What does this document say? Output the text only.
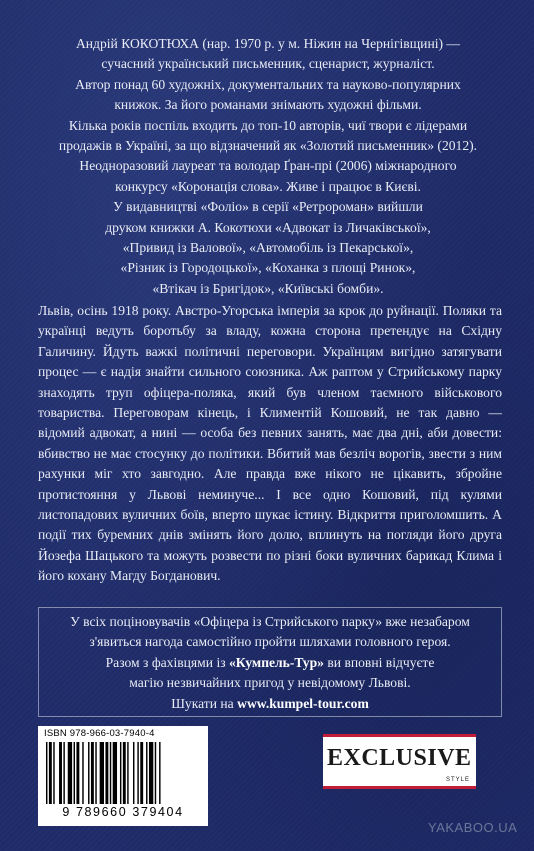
Андрій КОКОТЮХА (нар. 1970 р. у м. Ніжин на Чернігівщині) —

сучасний український письменник, сценарист, журналіст.

Автор понад 60 художніх, документальних та науково-популярних

книжок. За його романами знімають художні фільми.

Кілька років поспіль входить до топ-10 авторів, чиї твори є лідерами

продажів в Україні, за що відзначений як «Золотий письменник» (2012).

Неодноразовий лауреат та володар Ґран-прі (2006) міжнародного

конкурсу «Коронація слова». Живе і працює в Києві.

У видавництві «Фоліо» в серії «Ретророман» вийшли

друком книжки А. Кокотюхи «Адвокат із Личаківської»,

«Привид із Валової», «Автомобіль із Пекарської»,

«Різник із Городоцької», «Коханка з площі Ринок»,

«Втікач із Бригідок», «Київські бомби».

Львів, осінь 1918 року. Австро-Угорська імперія за крок до руйнації. Поляки та українці ведуть боротьбу за владу, кожна сторона претендує на Східну Галичину. Йдуть важкі політичні переговори. Українцям вигідно затягувати процес — є надія знайти сильного союзника. Аж раптом у Стрийському парку знаходять труп офіцера-поляка, який був членом таємного військового товариства. Переговорам кінець, і Климентій Кошовий, не так давно — відомий адвокат, а нині — особа без певних занять, має два дні, аби довести: вбивство не має стосунку до політики. Вбитий мав безліч ворогів, звести з ним рахунки міг хто завгодно. Але правда вже нікого не цікавить, збройне протистояння у Львові неминуче... І все одно Кошовий, під кулями листопадових вуличних боїв, вперто шукає істину. Відкриття приголомшить. А події тих буремних днів змінять його долю, вплинуть на погляди його друга Йозефа Шацького та можуть розвести по різні боки вуличних барикад Клима і його кохану Магду Богданович.

У всіх поціновувачів «Офіцера із Стрийського парку» вже незабаром

з'явиться нагода самостійно пройти шляхами головного героя.

Разом з фахівцями із «Кумпель-Тур» ви вповні відчуєте

магію незвичайних пригод у невідомому Львові.

Шукати на www.kumpel-tour.com

ISBN 978-966-03-7940-4
9 789660 379404
EXCLUSIVE
STYLE
YAKABOO.UA
